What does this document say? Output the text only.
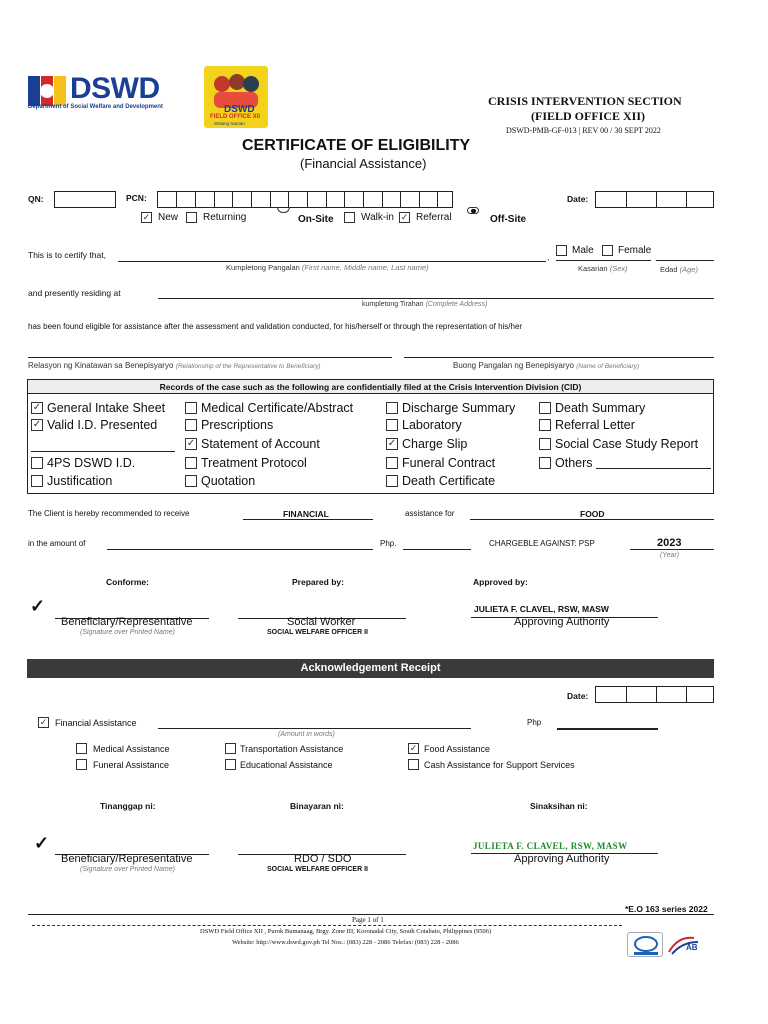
DSWD
Department of Social Welfare and Development	DSWD
FIELD OFFICE XII
Walang Iwanan
CRISIS INTERVENTION SECTION
(FIELD OFFICE XII)
DSWD-PMB-GF-013 | REV 00 / 30 SEPT 2022
CERTIFICATE OF ELIGIBILITY
(Financial Assistance)
QN:	PCN:	Date:
✓ New Returning	On-Site	Walk-in ✓ Referral	Off-Site
This is to certify that,	,
Kumpletong Pangalan (First name, Middle name, Last name)
Male Female
Kasarian (Sex)	Edad (Age)
and presently residing at
kumpletong Tirahan (Complete Address)
has been found eligible for assistance after the assessment and validation conducted, for his/herself or through the representation of his/her
Relasyon ng Kinatawan sa Benepisyaryo (Relationship of the Representative to Beneficiary)	Buong Pangalan ng Benepisyaryo (Name of Beneficiary)
Records of the case such as the following are confidentially filed at the Crisis Intervention Division (CID)
✓ General Intake Sheet
✓ Valid I.D. Presented
4PS DSWD I.D.
Justification
Medical Certificate/Abstract
Prescriptions
✓ Statement of Account
Treatment Protocol
Quotation
Discharge Summary
Laboratory
✓ Charge Slip
Funeral Contract
Death Certificate
Death Summary
Referral Letter
Social Case Study Report
Others
The Client is hereby recommended to receive	FINANCIAL	assistance for	FOOD
in the amount of	Php.	CHARGEBLE AGAINST: PSP	2023
(Year)
Conforme:	Prepared by:	Approved by:
✓
Beneficiary/Representative
(Signature over Printed Name)
Social Worker
SOCIAL WELFARE OFFICER II
JULIETA F. CLAVEL, RSW, MASW
Approving Authority
Acknowledgement Receipt
Date:
✓ Financial Assistance
(Amount in words)
Php
Medical Assistance
Funeral Assistance
Transportation Assistance
Educational Assistance
✓ Food Assistance
Cash Assistance for Support Services
Tinanggap ni:	Binayaran ni:	Sinaksihan ni:
✓
Beneficiary/Representative
(Signature over Printed Name)
RDO / SDO
SOCIAL WELFARE OFFICER II
JULIETA F. CLAVEL, RSW, MASW
Approving Authority
*E.O 163 series 2022
Page 1 of 1
DSWD Field Office XII , Purok Bumanaag, Brgy. Zone III, Koronadal City, South Cotabato, Philippines (9506)
Website: http://www.dswd.gov.ph Tel Nos.: (083) 228 - 2086 Telefax: (083) 228 - 2086
AB
